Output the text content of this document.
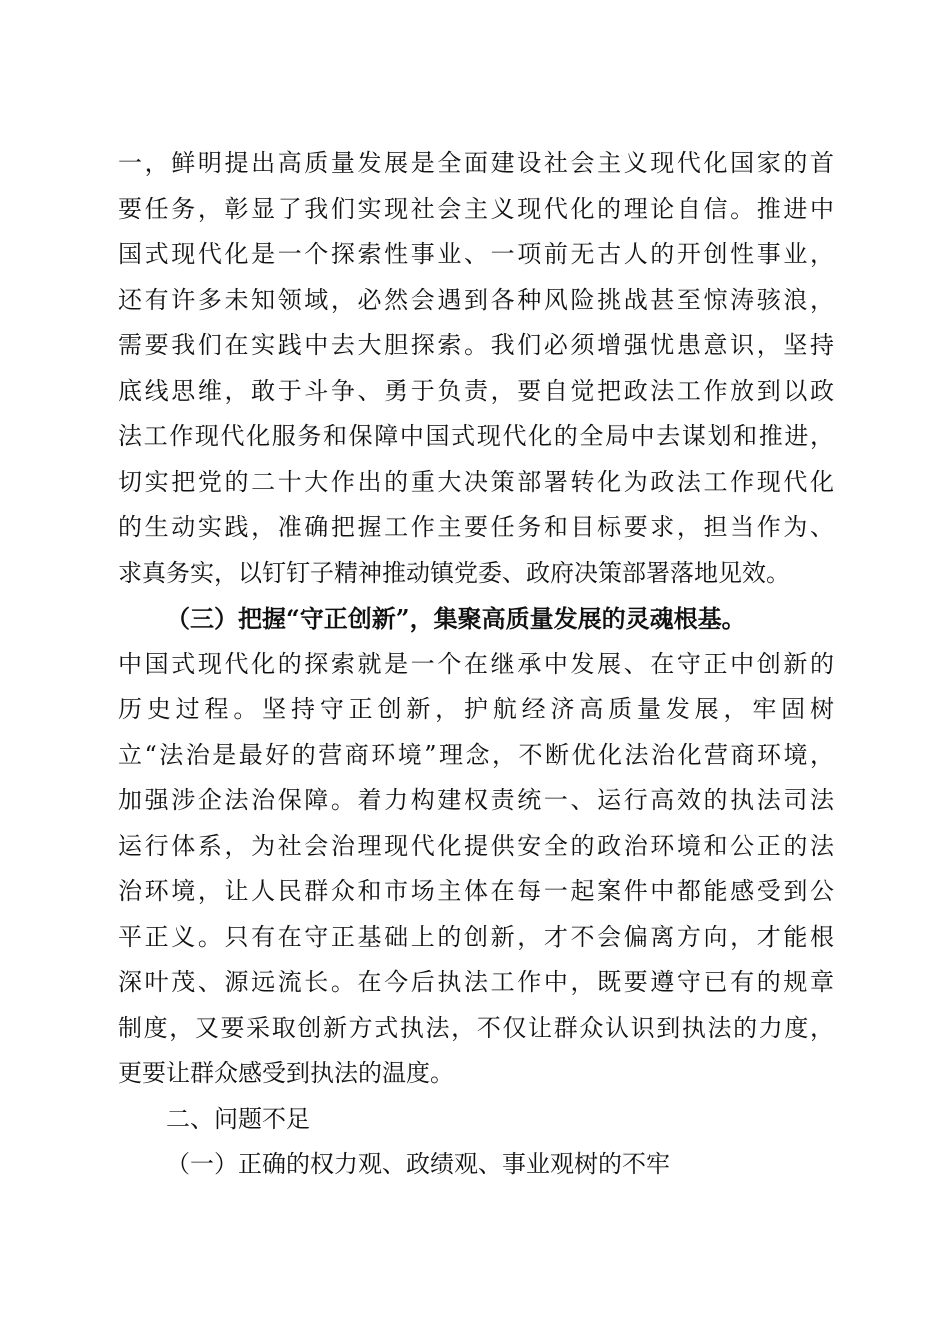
一，鲜明提出高质量发展是全面建设社会主义现代化国家的首
要任务，彰显了我们实现社会主义现代化的理论自信。推进中
国式现代化是一个探索性事业、一项前无古人的开创性事业，
还有许多未知领域，必然会遇到各种风险挑战甚至惊涛骇浪，
需要我们在实践中去大胆探索。我们必须增强忧患意识，坚持
底线思维，敢于斗争、勇于负责，要自觉把政法工作放到以政
法工作现代化服务和保障中国式现代化的全局中去谋划和推进，
切实把党的二十大作出的重大决策部署转化为政法工作现代化
的生动实践，准确把握工作主要任务和目标要求，担当作为、
求真务实，以钉钉子精神推动镇党委、政府决策部署落地见效。
（三）把握“守正创新”，集聚高质量发展的灵魂根基。
中国式现代化的探索就是一个在继承中发展、在守正中创新的
历史过程。坚持守正创新，护航经济高质量发展，牢固树
立“法治是最好的营商环境”理念，不断优化法治化营商环境，
加强涉企法治保障。着力构建权责统一、运行高效的执法司法
运行体系，为社会治理现代化提供安全的政治环境和公正的法
治环境，让人民群众和市场主体在每一起案件中都能感受到公
平正义。只有在守正基础上的创新，才不会偏离方向，才能根
深叶茂、源远流长。在今后执法工作中，既要遵守已有的规章
制度，又要采取创新方式执法，不仅让群众认识到执法的力度，
更要让群众感受到执法的温度。
二、问题不足
（一）正确的权力观、政绩观、事业观树的不牢
